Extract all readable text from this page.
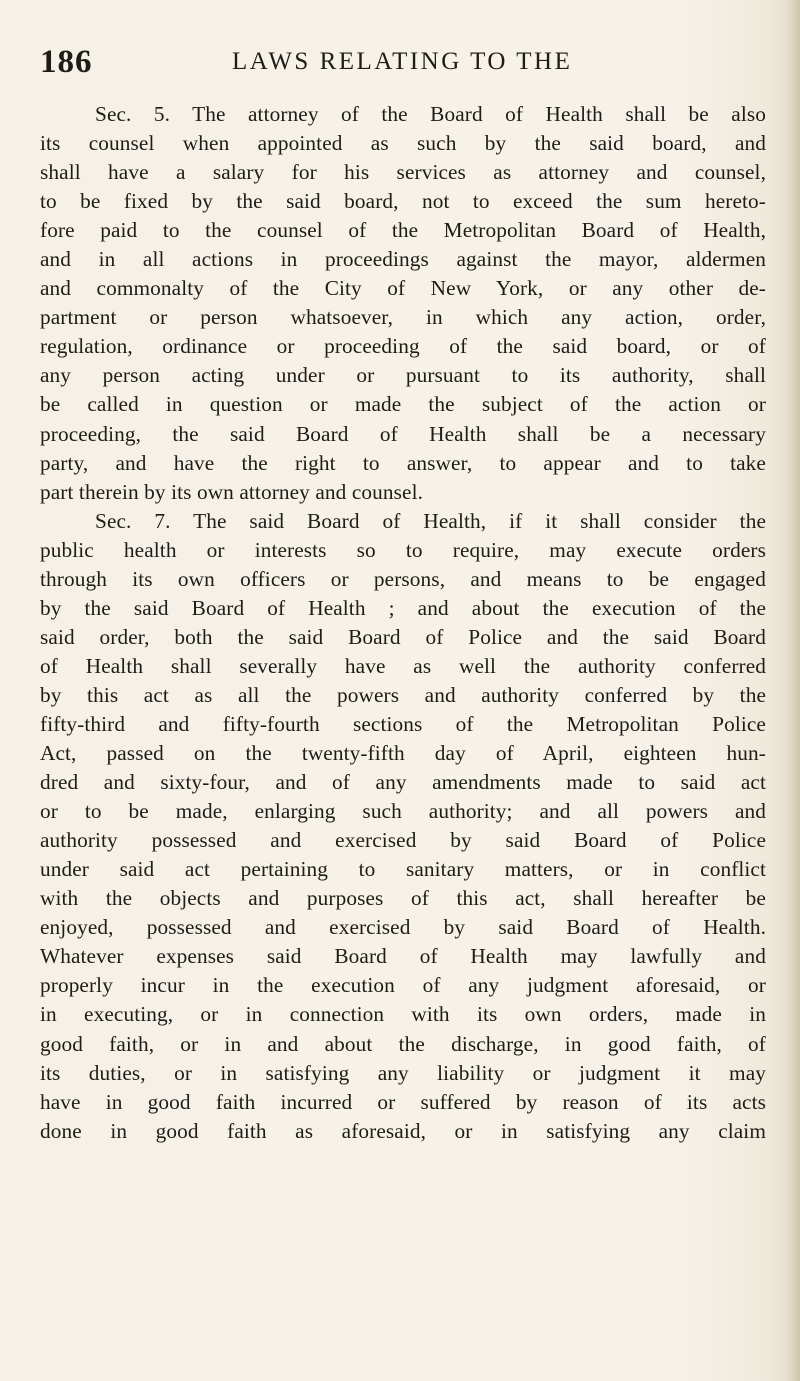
186	LAWS RELATING TO THE
Sec. 5. The attorney of the Board of Health shall be also
its counsel when appointed as such by the said board, and
shall have a salary for his services as attorney and counsel,
to be fixed by the said board, not to exceed the sum hereto-
fore paid to the counsel of the Metropolitan Board of Health,
and in all actions in proceedings against the mayor, aldermen
and commonalty of the City of New York, or any other de-
partment or person whatsoever, in which any action, order,
regulation, ordinance or proceeding of the said board, or of
any person acting under or pursuant to its authority, shall
be called in question or made the subject of the action or
proceeding, the said Board of Health shall be a necessary
party, and have the right to answer, to appear and to take
part therein by its own attorney and counsel.
Sec. 7. The said Board of Health, if it shall consider the
public health or interests so to require, may execute orders
through its own officers or persons, and means to be engaged
by the said Board of Health ; and about the execution of the
said order, both the said Board of Police and the said Board
of Health shall severally have as well the authority conferred
by this act as all the powers and authority conferred by the
fifty-third and fifty-fourth sections of the Metropolitan Police
Act, passed on the twenty-fifth day of April, eighteen hun-
dred and sixty-four, and of any amendments made to said act
or to be made, enlarging such authority; and all powers and
authority possessed and exercised by said Board of Police
under said act pertaining to sanitary matters, or in conflict
with the objects and purposes of this act, shall hereafter be
enjoyed, possessed and exercised by said Board of Health.
Whatever expenses said Board of Health may lawfully and
properly incur in the execution of any judgment aforesaid, or
in executing, or in connection with its own orders, made in
good faith, or in and about the discharge, in good faith, of
its duties, or in satisfying any liability or judgment it may
have in good faith incurred or suffered by reason of its acts
done in good faith as aforesaid, or in satisfying any claim
